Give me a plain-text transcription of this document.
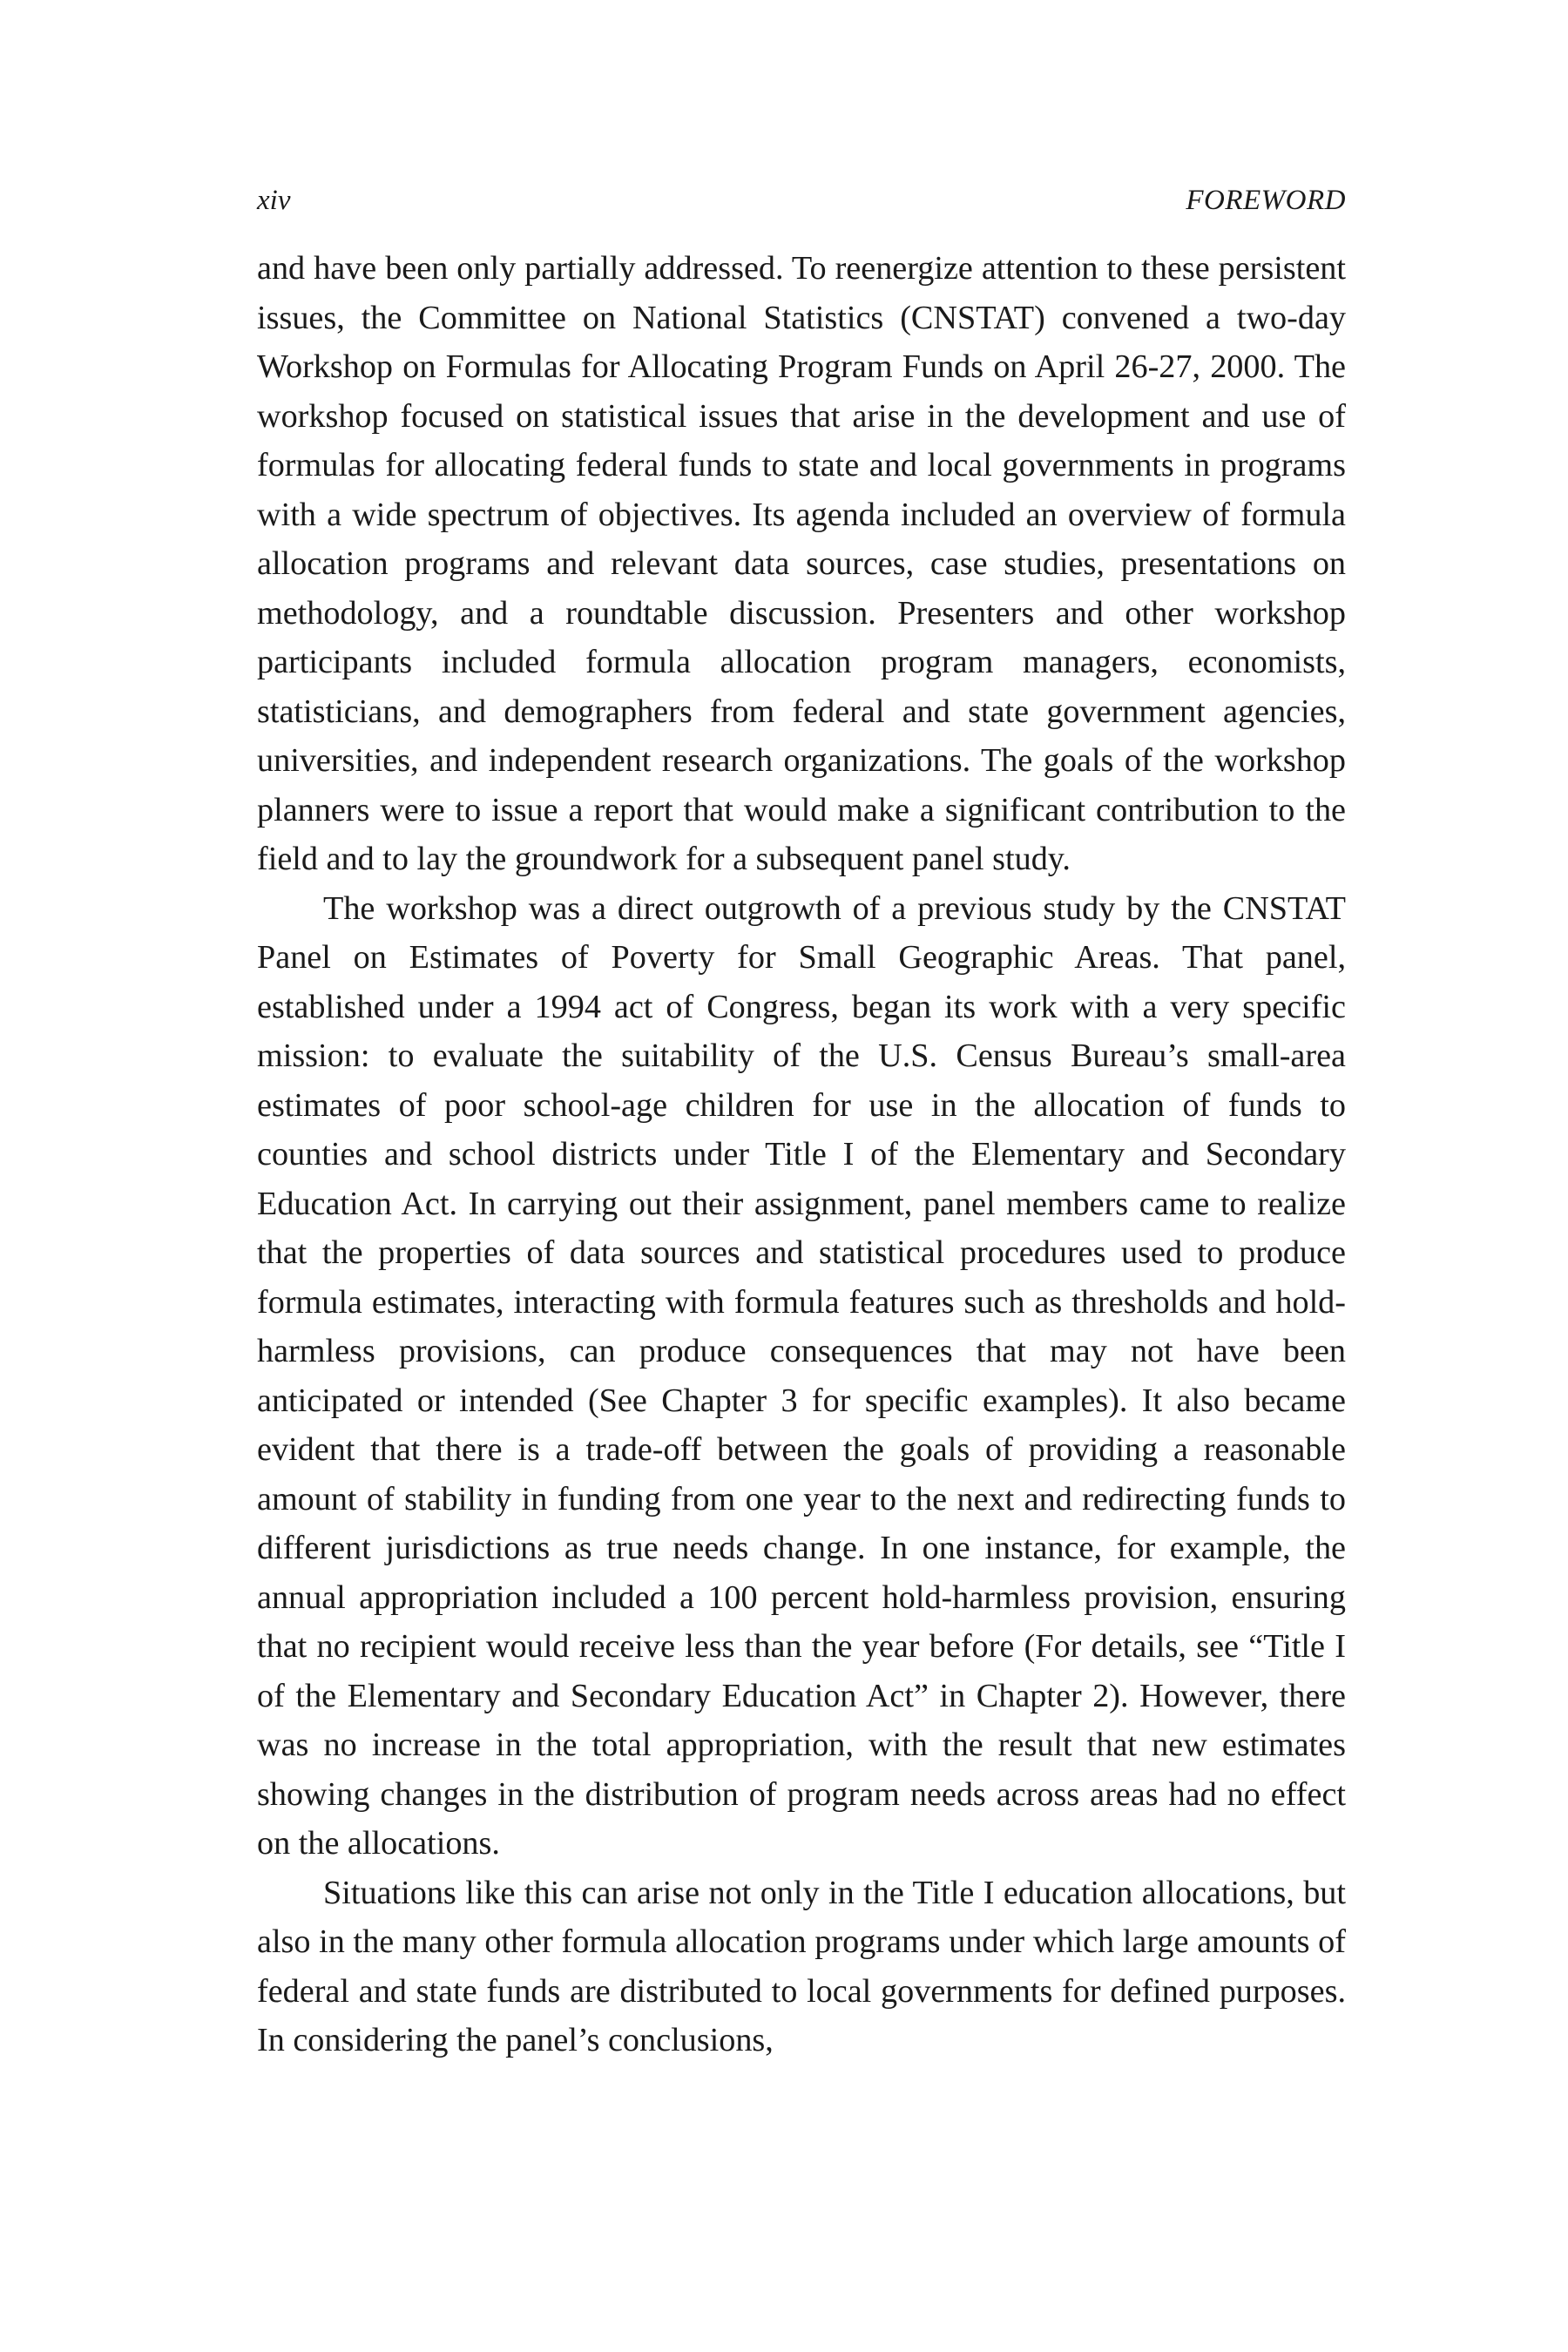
xiv	FOREWORD

and have been only partially addressed. To reenergize attention to these persistent issues, the Committee on National Statistics (CNSTAT) convened a two-day Workshop on Formulas for Allocating Program Funds on April 26-27, 2000. The workshop focused on statistical issues that arise in the development and use of formulas for allocating federal funds to state and local governments in programs with a wide spectrum of objectives. Its agenda included an overview of formula allocation programs and relevant data sources, case studies, presentations on methodology, and a roundtable discussion. Presenters and other workshop participants included formula allocation program managers, economists, statisticians, and demographers from federal and state government agencies, universities, and independent research organizations. The goals of the workshop planners were to issue a report that would make a significant contribution to the field and to lay the groundwork for a subsequent panel study.

The workshop was a direct outgrowth of a previous study by the CNSTAT Panel on Estimates of Poverty for Small Geographic Areas. That panel, established under a 1994 act of Congress, began its work with a very specific mission: to evaluate the suitability of the U.S. Census Bureau’s small-area estimates of poor school-age children for use in the allocation of funds to counties and school districts under Title I of the Elementary and Secondary Education Act. In carrying out their assignment, panel members came to realize that the properties of data sources and statistical procedures used to produce formula estimates, interacting with formula features such as thresholds and hold-harmless provisions, can produce consequences that may not have been anticipated or intended (See Chapter 3 for specific examples). It also became evident that there is a trade-off between the goals of providing a reasonable amount of stability in funding from one year to the next and redirecting funds to different jurisdictions as true needs change. In one instance, for example, the annual appropriation included a 100 percent hold-harmless provision, ensuring that no recipient would receive less than the year before (For details, see “Title I of the Elementary and Secondary Education Act” in Chapter 2). However, there was no increase in the total appropriation, with the result that new estimates showing changes in the distribution of program needs across areas had no effect on the allocations.

Situations like this can arise not only in the Title I education allocations, but also in the many other formula allocation programs under which large amounts of federal and state funds are distributed to local governments for defined purposes. In considering the panel’s conclusions,
